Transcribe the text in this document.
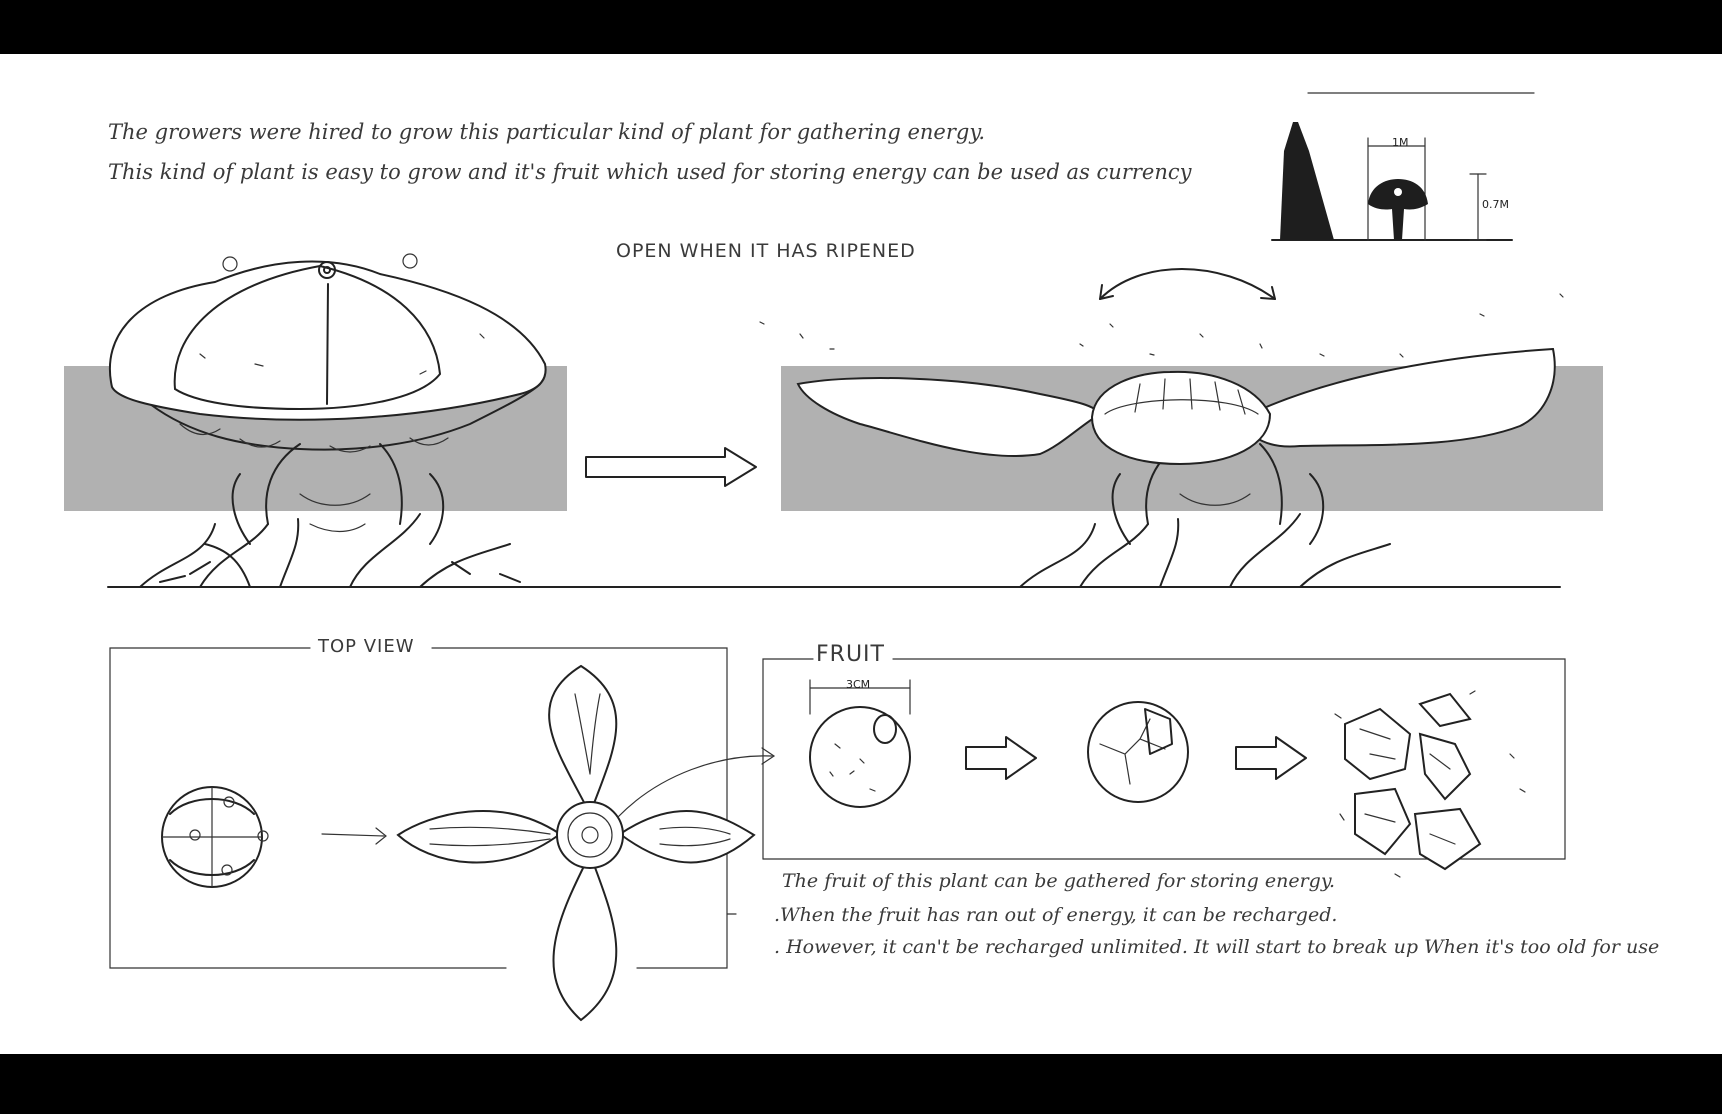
The growers were hired to grow this particular kind of plant for gathering energy.
This kind of plant is easy to grow and it's fruit which used for storing energy can be used as currency
OPEN WHEN IT HAS RIPENED
1M
0.7M
TOP VIEW	FRUIT
3CM
The fruit of this plant can be gathered for storing energy.
.When the fruit has ran out of energy, it can be recharged.
. However, it can't be recharged unlimited. It will start to break up When it's too old for use
